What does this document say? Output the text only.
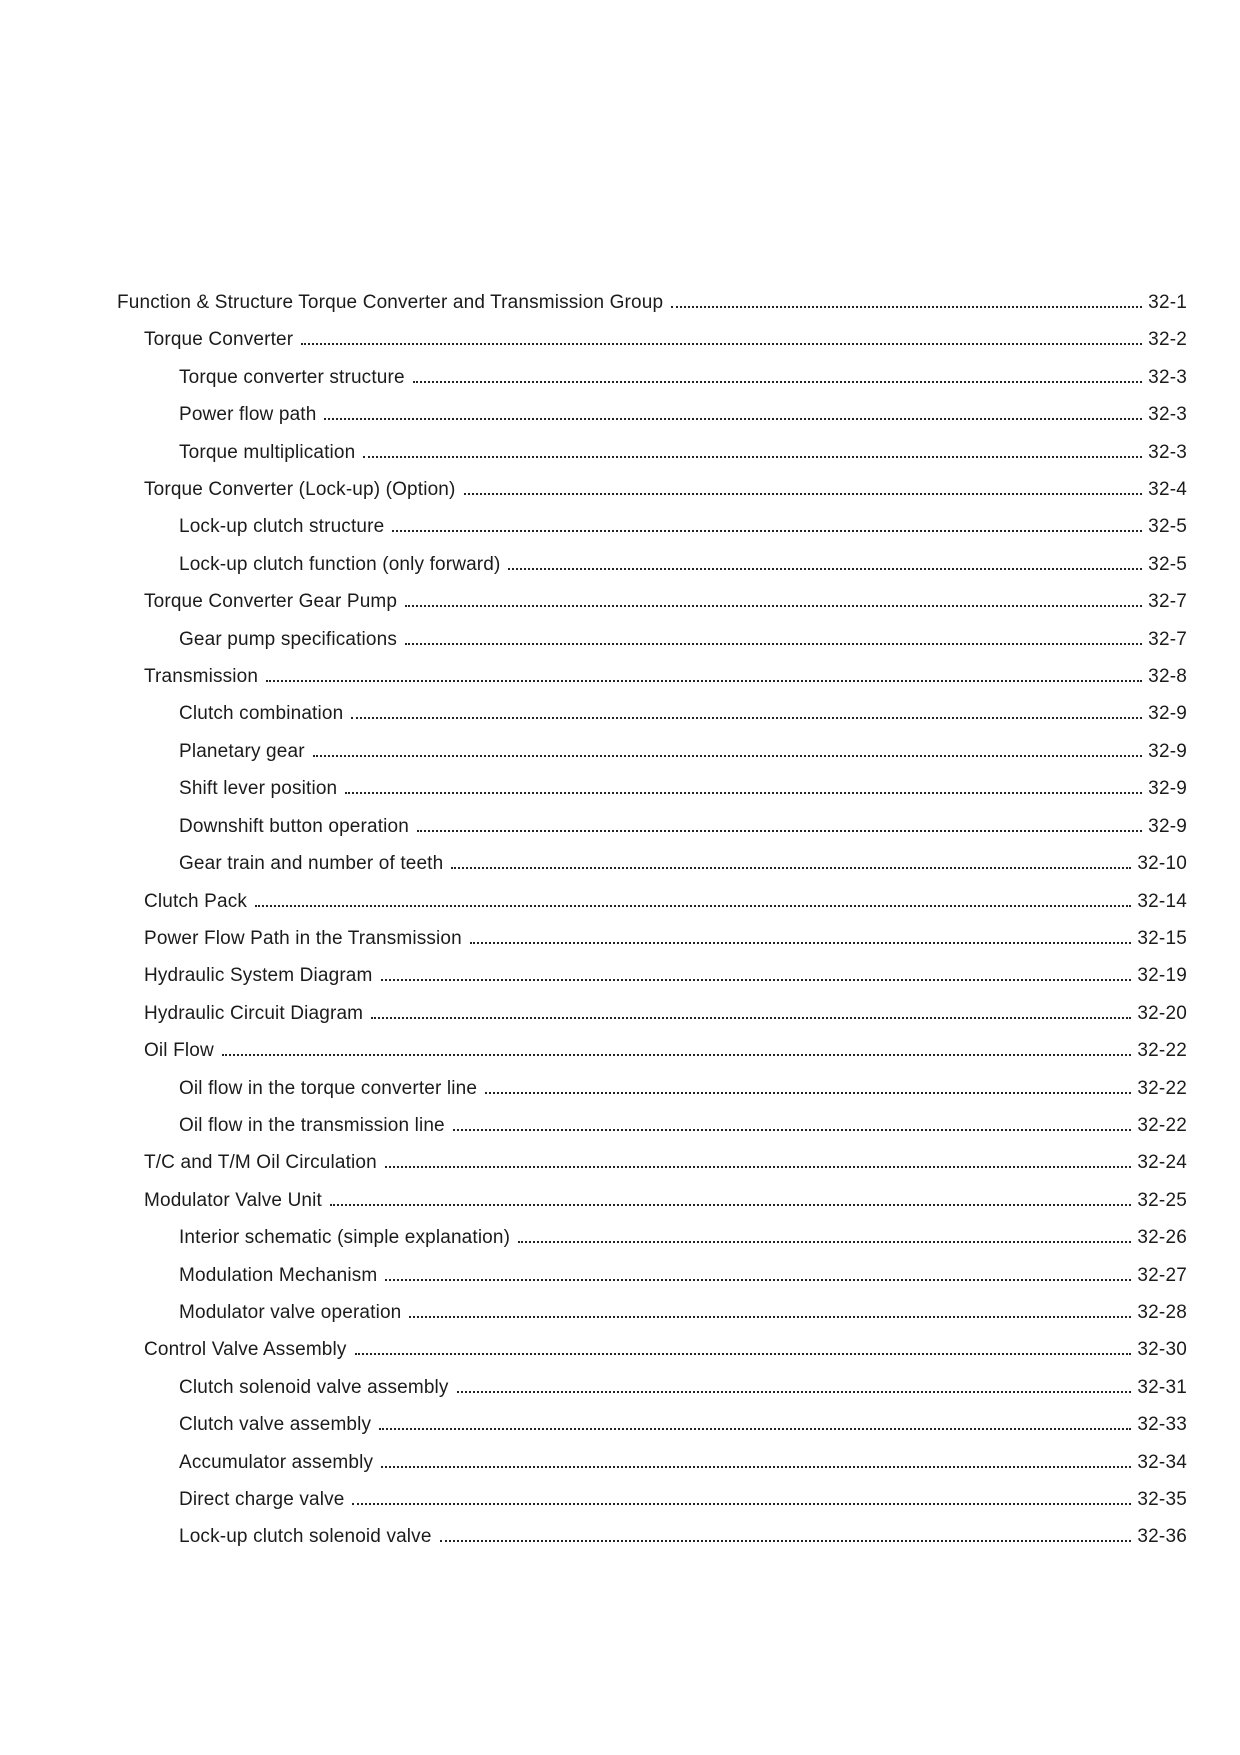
Function & Structure Torque Converter and Transmission Group	32-1
Torque Converter	32-2
Torque converter structure	32-3
Power flow path	32-3
Torque multiplication	32-3
Torque Converter (Lock-up) (Option)	32-4
Lock-up clutch structure	32-5
Lock-up clutch function (only forward)	32-5
Torque Converter Gear Pump	32-7
Gear pump specifications	32-7
Transmission	32-8
Clutch combination	32-9
Planetary gear	32-9
Shift lever position	32-9
Downshift button operation	32-9
Gear train and number of teeth	32-10
Clutch Pack	32-14
Power Flow Path in the Transmission	32-15
Hydraulic System Diagram	32-19
Hydraulic Circuit Diagram	32-20
Oil Flow	32-22
Oil flow in the torque converter line	32-22
Oil flow in the transmission line	32-22
T/C and T/M Oil Circulation	32-24
Modulator Valve Unit	32-25
Interior schematic (simple explanation)	32-26
Modulation Mechanism	32-27
Modulator valve operation	32-28
Control Valve Assembly	32-30
Clutch solenoid valve assembly	32-31
Clutch valve assembly	32-33
Accumulator assembly	32-34
Direct charge valve	32-35
Lock-up clutch solenoid valve	32-36
